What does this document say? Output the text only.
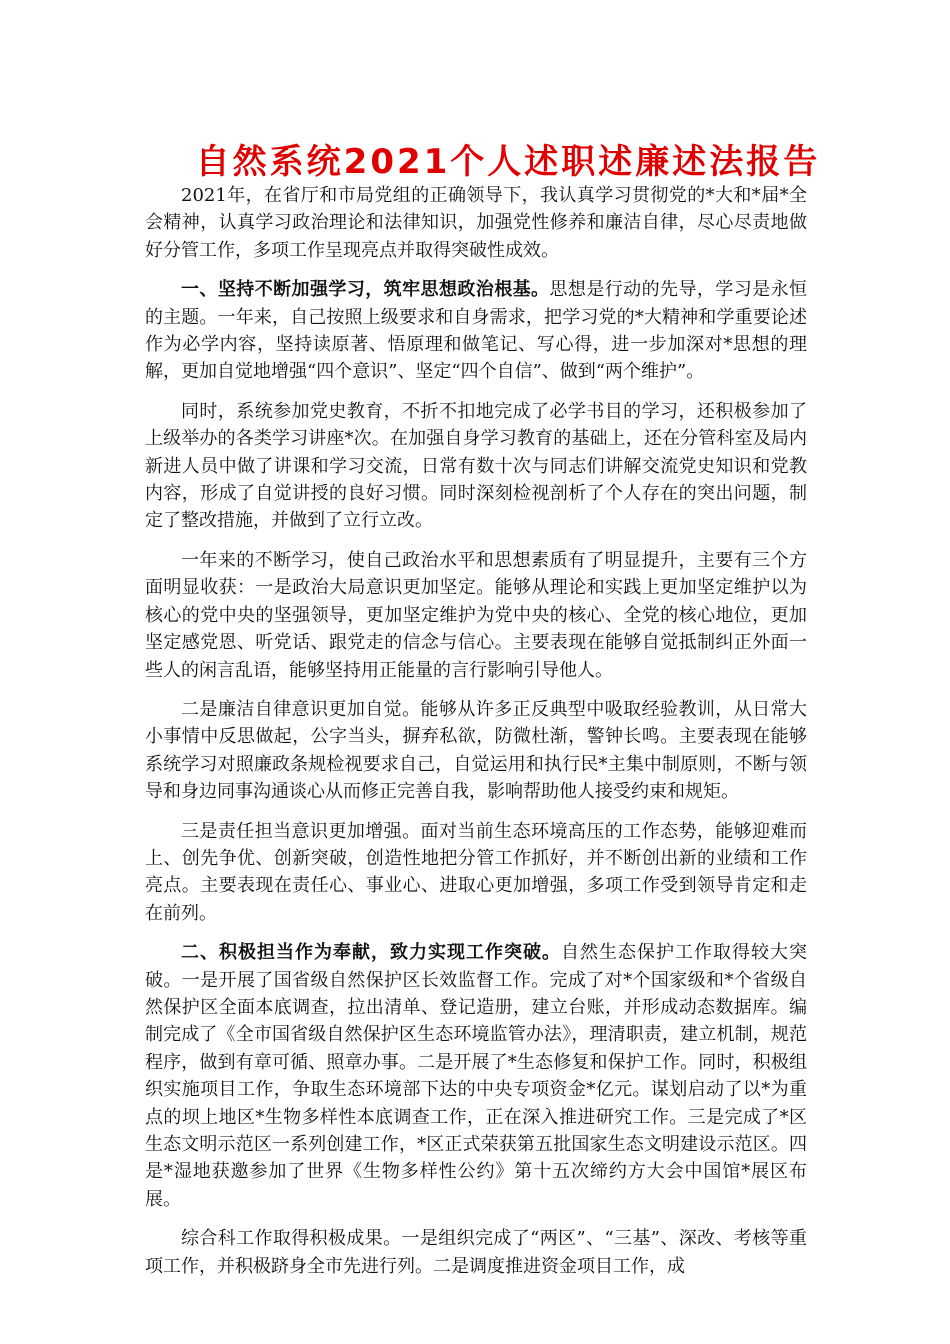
自然系统2021个人述职述廉述法报告

2021年，在省厅和市局党组的正确领导下，我认真学习贯彻党的*大和*届*全会精神，认真学习政治理论和法律知识，加强党性修养和廉洁自律，尽心尽责地做好分管工作，多项工作呈现亮点并取得突破性成效。

一、坚持不断加强学习，筑牢思想政治根基。思想是行动的先导，学习是永恒的主题。一年来，自己按照上级要求和自身需求，把学习党的*大精神和学重要论述作为必学内容，坚持读原著、悟原理和做笔记、写心得，进一步加深对*思想的理解，更加自觉地增强“四个意识”、坚定“四个自信”、做到“两个维护”。

同时，系统参加党史教育，不折不扣地完成了必学书目的学习，还积极参加了上级举办的各类学习讲座*次。在加强自身学习教育的基础上，还在分管科室及局内新进人员中做了讲课和学习交流，日常有数十次与同志们讲解交流党史知识和党教内容，形成了自觉讲授的良好习惯。同时深刻检视剖析了个人存在的突出问题，制定了整改措施，并做到了立行立改。

一年来的不断学习，使自己政治水平和思想素质有了明显提升，主要有三个方面明显收获：一是政治大局意识更加坚定。能够从理论和实践上更加坚定维护以为核心的党中央的坚强领导，更加坚定维护为党中央的核心、全党的核心地位，更加坚定感党恩、听党话、跟党走的信念与信心。主要表现在能够自觉抵制纠正外面一些人的闲言乱语，能够坚持用正能量的言行影响引导他人。

二是廉洁自律意识更加自觉。能够从许多正反典型中吸取经验教训，从日常大小事情中反思做起，公字当头，摒弃私欲，防微杜渐，警钟长鸣。主要表现在能够系统学习对照廉政条规检视要求自己，自觉运用和执行民*主集中制原则，不断与领导和身边同事沟通谈心从而修正完善自我，影响帮助他人接受约束和规矩。

三是责任担当意识更加增强。面对当前生态环境高压的工作态势，能够迎难而上、创先争优、创新突破，创造性地把分管工作抓好，并不断创出新的业绩和工作亮点。主要表现在责任心、事业心、进取心更加增强，多项工作受到领导肯定和走在前列。

二、积极担当作为奉献，致力实现工作突破。自然生态保护工作取得较大突破。一是开展了国省级自然保护区长效监督工作。完成了对*个国家级和*个省级自然保护区全面本底调查，拉出清单、登记造册，建立台账，并形成动态数据库。编制完成了《全市国省级自然保护区生态环境监管办法》，理清职责，建立机制，规范程序，做到有章可循、照章办事。二是开展了*生态修复和保护工作。同时，积极组织实施项目工作，争取生态环境部下达的中央专项资金*亿元。谋划启动了以*为重点的坝上地区*生物多样性本底调查工作，正在深入推进研究工作。三是完成了*区生态文明示范区一系列创建工作，*区正式荣获第五批国家生态文明建设示范区。四是*湿地获邀参加了世界《生物多样性公约》第十五次缔约方大会中国馆*展区布展。

综合科工作取得积极成果。一是组织完成了“两区”、“三基”、深改、考核等重项工作，并积极跻身全市先进行列。二是调度推进资金项目工作，成
